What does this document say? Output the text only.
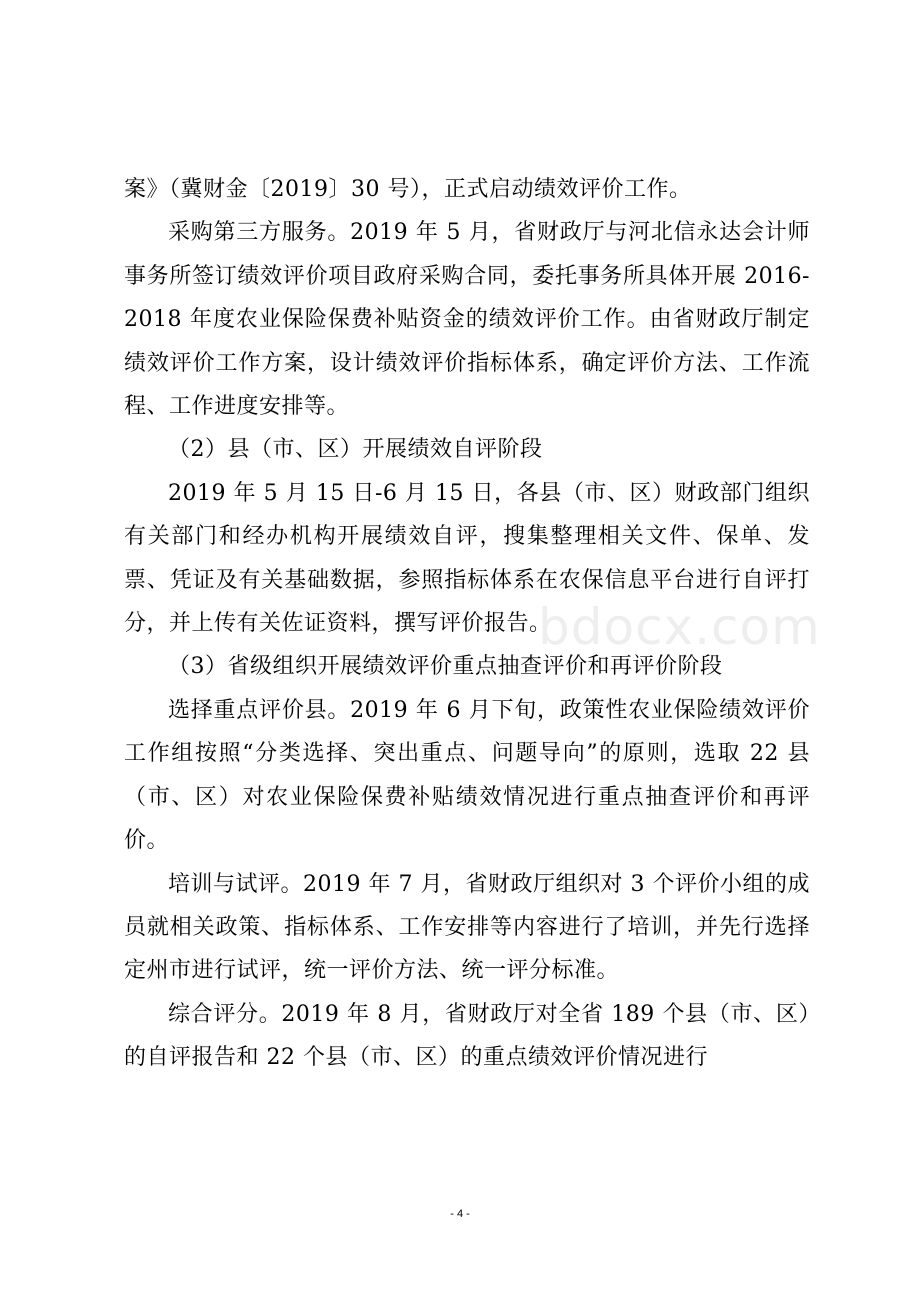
案》（冀财金〔2019〕30 号），正式启动绩效评价工作。

采购第三方服务。2019 年 5 月，省财政厅与河北信永达会计师事务所签订绩效评价项目政府采购合同，委托事务所具体开展 2016-2018 年度农业保险保费补贴资金的绩效评价工作。由省财政厅制定绩效评价工作方案，设计绩效评价指标体系，确定评价方法、工作流程、工作进度安排等。

（2）县（市、区）开展绩效自评阶段

2019 年 5 月 15 日-6 月 15 日，各县（市、区）财政部门组织有关部门和经办机构开展绩效自评，搜集整理相关文件、保单、发票、凭证及有关基础数据，参照指标体系在农保信息平台进行自评打分，并上传有关佐证资料，撰写评价报告。

（3）省级组织开展绩效评价重点抽查评价和再评价阶段

选择重点评价县。2019 年 6 月下旬，政策性农业保险绩效评价工作组按照“分类选择、突出重点、问题导向”的原则，选取 22 县（市、区）对农业保险保费补贴绩效情况进行重点抽查评价和再评价。

培训与试评。2019 年 7 月，省财政厅组织对 3 个评价小组的成员就相关政策、指标体系、工作安排等内容进行了培训，并先行选择定州市进行试评，统一评价方法、统一评分标准。

综合评分。2019 年 8 月，省财政厅对全省 189 个县（市、区）的自评报告和 22 个县（市、区）的重点绩效评价情况进行

bdocx.com
- 4 -
